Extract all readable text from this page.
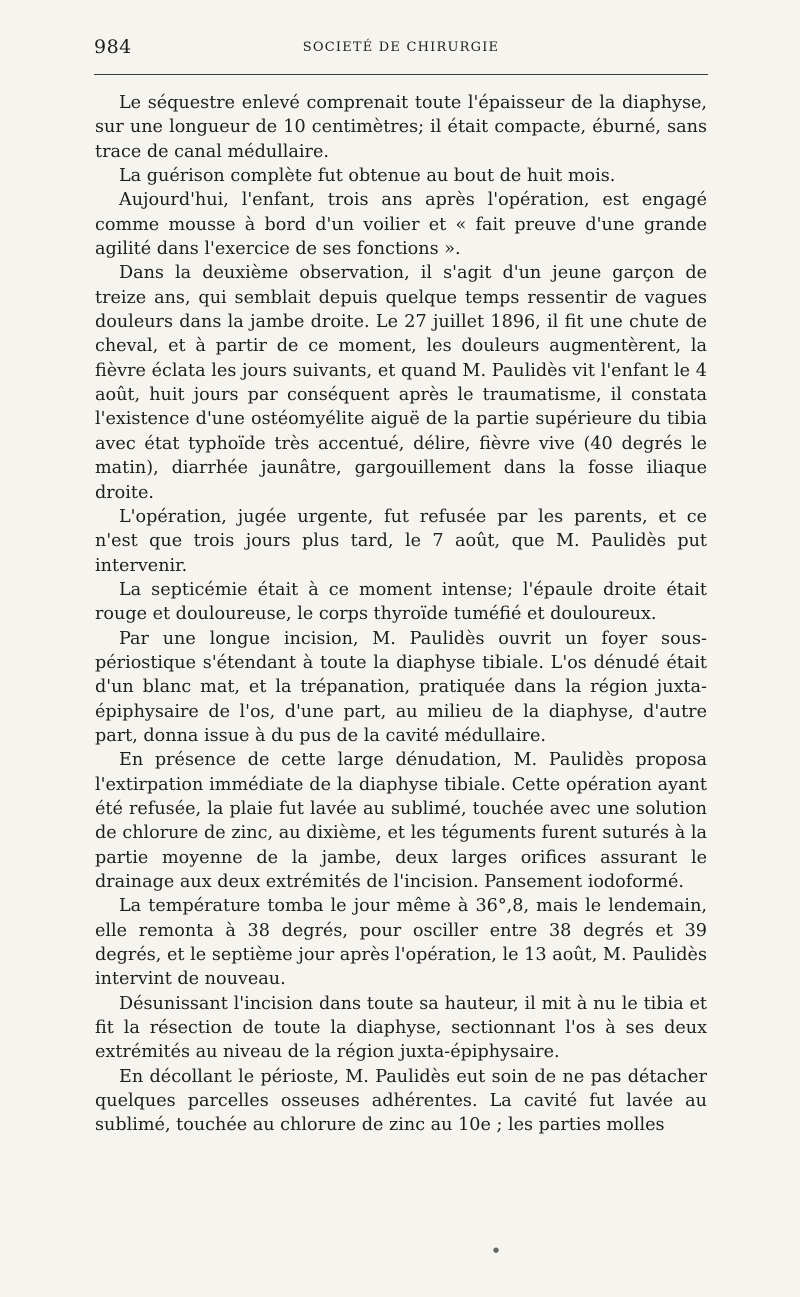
984	SOCIETÉ DE CHIRURGIE

Le séquestre enlevé comprenait toute l'épaisseur de la diaphyse, sur une longueur de 10 centimètres; il était compacte, éburné, sans trace de canal médullaire.

La guérison complète fut obtenue au bout de huit mois.

Aujourd'hui, l'enfant, trois ans après l'opération, est engagé comme mousse à bord d'un voilier et « fait preuve d'une grande agilité dans l'exercice de ses fonctions ».

Dans la deuxième observation, il s'agit d'un jeune garçon de treize ans, qui semblait depuis quelque temps ressentir de vagues douleurs dans la jambe droite. Le 27 juillet 1896, il fit une chute de cheval, et à partir de ce moment, les douleurs augmentèrent, la fièvre éclata les jours suivants, et quand M. Paulidès vit l'enfant le 4 août, huit jours par conséquent après le traumatisme, il constata l'existence d'une ostéomyélite aiguë de la partie supérieure du tibia avec état typhoïde très accentué, délire, fièvre vive (40 degrés le matin), diarrhée jaunâtre, gargouillement dans la fosse iliaque droite.

L'opération, jugée urgente, fut refusée par les parents, et ce n'est que trois jours plus tard, le 7 août, que M. Paulidès put intervenir.

La septicémie était à ce moment intense; l'épaule droite était rouge et douloureuse, le corps thyroïde tuméfié et douloureux.

Par une longue incision, M. Paulidès ouvrit un foyer sous-périostique s'étendant à toute la diaphyse tibiale. L'os dénudé était d'un blanc mat, et la trépanation, pratiquée dans la région juxta-épiphysaire de l'os, d'une part, au milieu de la diaphyse, d'autre part, donna issue à du pus de la cavité médullaire.

En présence de cette large dénudation, M. Paulidès proposa l'extirpation immédiate de la diaphyse tibiale. Cette opération ayant été refusée, la plaie fut lavée au sublimé, touchée avec une solution de chlorure de zinc, au dixième, et les téguments furent suturés à la partie moyenne de la jambe, deux larges orifices assurant le drainage aux deux extrémités de l'incision. Pansement iodoformé.

La température tomba le jour même à 36°,8, mais le lendemain, elle remonta à 38 degrés, pour osciller entre 38 degrés et 39 degrés, et le septième jour après l'opération, le 13 août, M. Paulidès intervint de nouveau.

Désunissant l'incision dans toute sa hauteur, il mit à nu le tibia et fit la résection de toute la diaphyse, sectionnant l'os à ses deux extrémités au niveau de la région juxta-épiphysaire.

En décollant le périoste, M. Paulidès eut soin de ne pas détacher quelques parcelles osseuses adhérentes. La cavité fut lavée au sublimé, touchée au chlorure de zinc au 10e ; les parties molles

●
